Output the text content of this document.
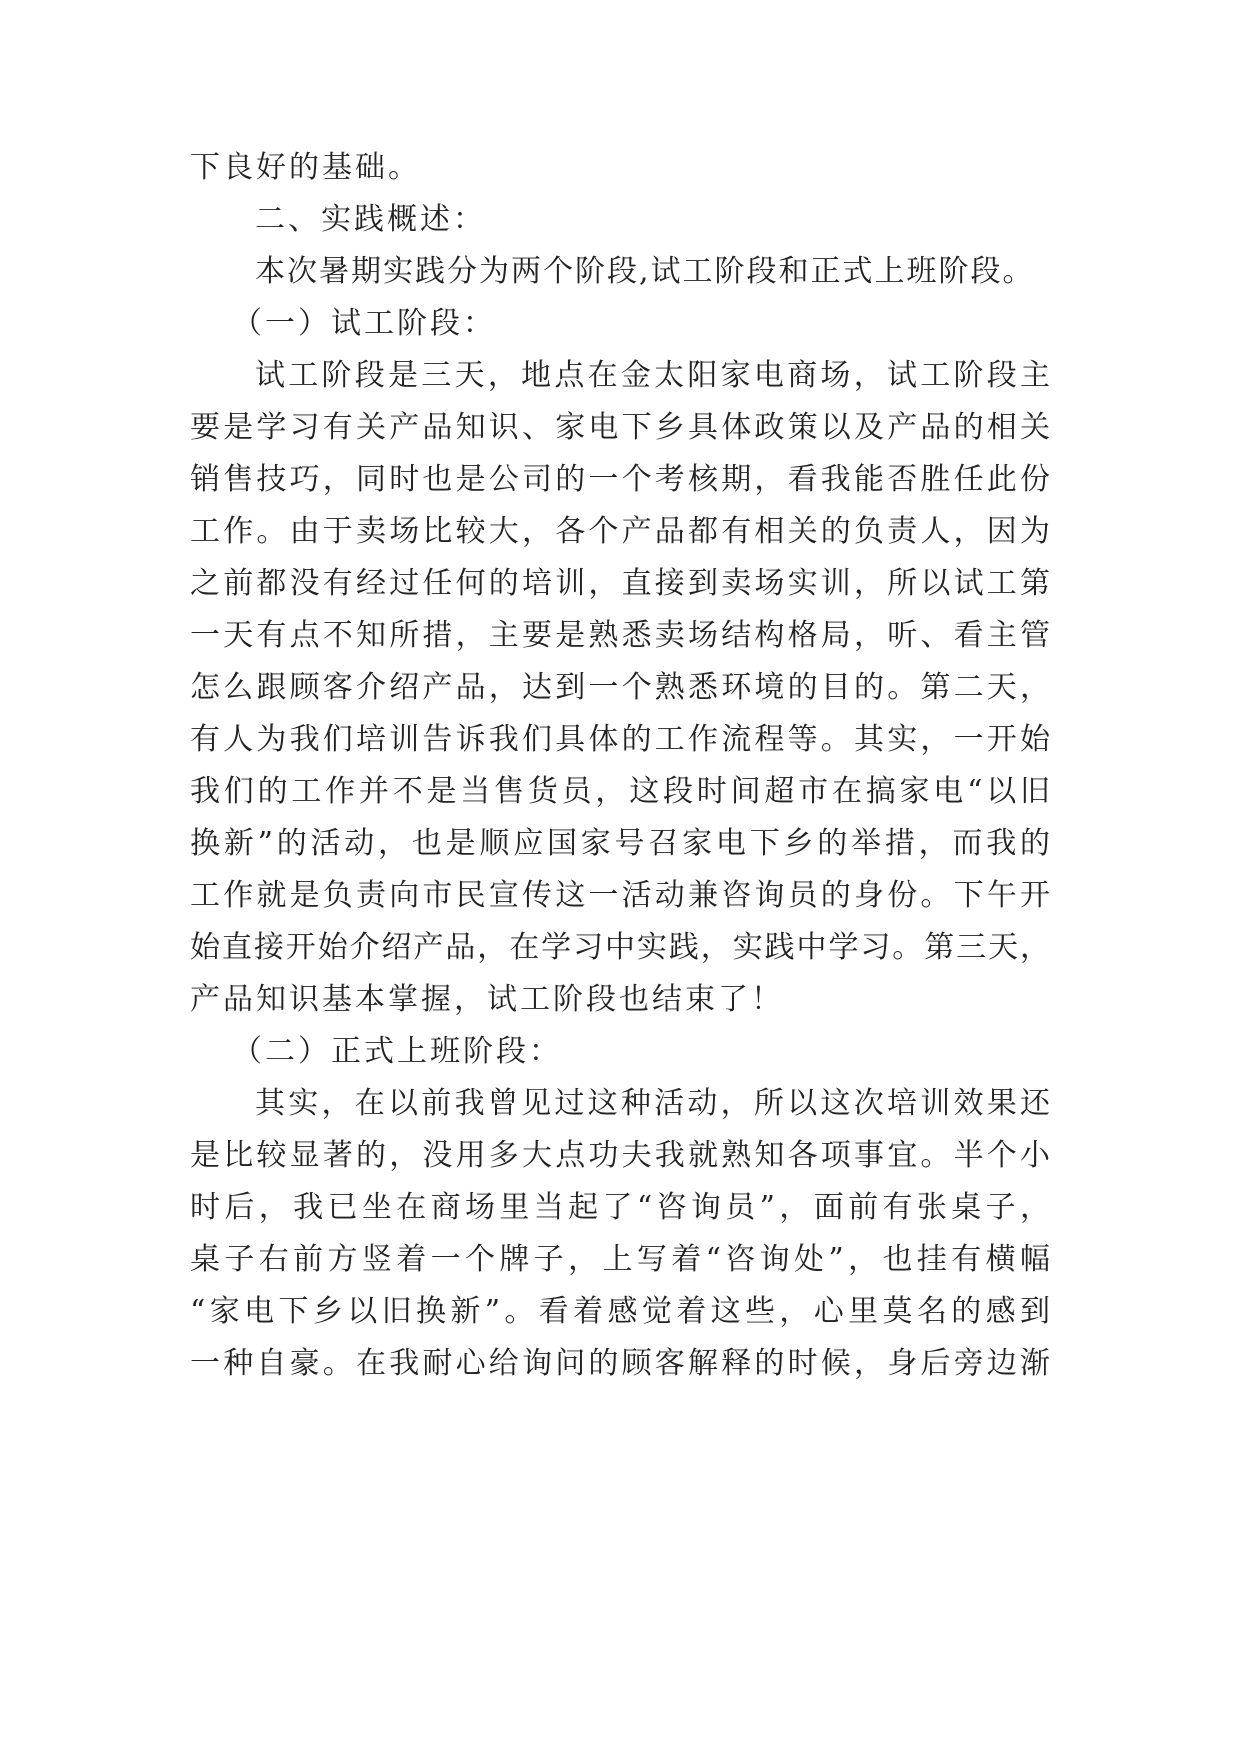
下良好的基础。
二、实践概述：
本次暑期实践分为两个阶段,试工阶段和正式上班阶段。
（一）试工阶段：
试工阶段是三天，地点在金太阳家电商场，试工阶段主
要是学习有关产品知识、家电下乡具体政策以及产品的相关
销售技巧，同时也是公司的一个考核期，看我能否胜任此份
工作。由于卖场比较大，各个产品都有相关的负责人，因为
之前都没有经过任何的培训，直接到卖场实训，所以试工第
一天有点不知所措，主要是熟悉卖场结构格局，听、看主管
怎么跟顾客介绍产品，达到一个熟悉环境的目的。第二天，
有人为我们培训告诉我们具体的工作流程等。其实，一开始
我们的工作并不是当售货员，这段时间超市在搞家电“以旧
换新”的活动，也是顺应国家号召家电下乡的举措，而我的
工作就是负责向市民宣传这一活动兼咨询员的身份。下午开
始直接开始介绍产品，在学习中实践，实践中学习。第三天，
产品知识基本掌握，试工阶段也结束了！
（二）正式上班阶段：
其实，在以前我曾见过这种活动，所以这次培训效果还
是比较显著的，没用多大点功夫我就熟知各项事宜。半个小
时后，我已坐在商场里当起了“咨询员”，面前有张桌子，
桌子右前方竖着一个牌子，上写着“咨询处”，也挂有横幅
“家电下乡以旧换新”。看着感觉着这些，心里莫名的感到
一种自豪。在我耐心给询问的顾客解释的时候，身后旁边渐
